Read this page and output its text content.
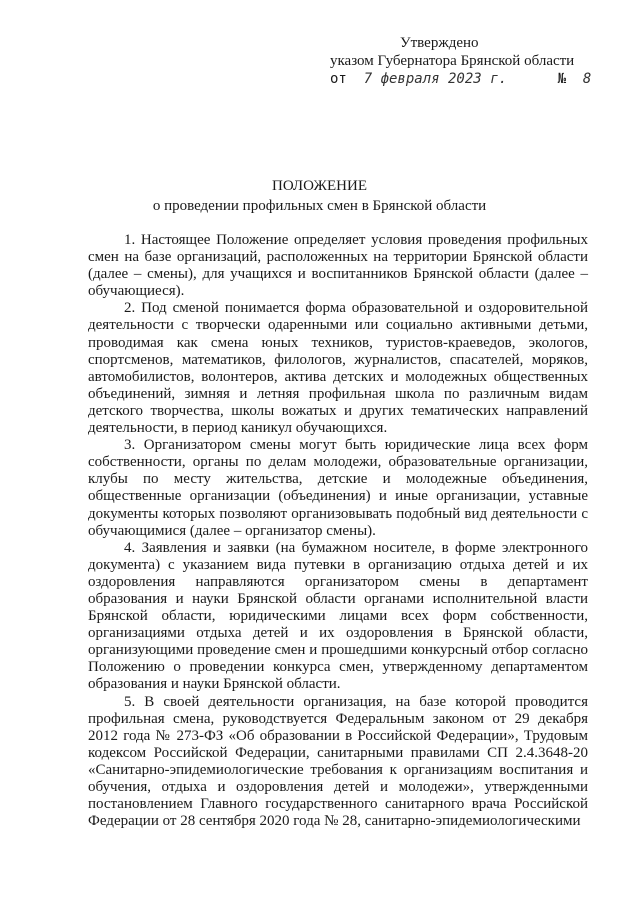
Утверждено
указом Губернатора Брянской области
от 7 февраля 2023 г.	№ 8
ПОЛОЖЕНИЕ
о проведении профильных смен в Брянской области

1. Настоящее Положение определяет условия проведения профильных смен на базе организаций, расположенных на территории Брянской области (далее – смены), для учащихся и воспитанников Брянской области (далее – обучающиеся).

2. Под сменой понимается форма образовательной и оздоровительной деятельности с творчески одаренными или социально активными детьми, проводимая как смена юных техников, туристов-краеведов, экологов, спортсменов, математиков, филологов, журналистов, спасателей, моряков, автомобилистов, волонтеров, актива детских и молодежных общественных объединений, зимняя и летняя профильная школа по различным видам детского творчества, школы вожатых и других тематических направлений деятельности, в период каникул обучающихся.

3. Организатором смены могут быть юридические лица всех форм собственности, органы по делам молодежи, образовательные организации, клубы по месту жительства, детские и молодежные объединения, общественные организации (объединения) и иные организации, уставные документы которых позволяют организовывать подобный вид деятельности с обучающимися (далее – организатор смены).

4. Заявления и заявки (на бумажном носителе, в форме электронного документа) с указанием вида путевки в организацию отдыха детей и их оздоровления направляются организатором смены в департамент образования и науки Брянской области органами исполнительной власти Брянской области, юридическими лицами всех форм собственности, организациями отдыха детей и их оздоровления в Брянской области, организующими проведение смен и прошедшими конкурсный отбор согласно Положению о проведении конкурса смен, утвержденному департаментом образования и науки Брянской области.

5. В своей деятельности организация, на базе которой проводится профильная смена, руководствуется Федеральным законом от 29 декабря 2012 года № 273-ФЗ «Об образовании в Российской Федерации», Трудовым кодексом Российской Федерации, санитарными правилами СП 2.4.3648-20 «Санитарно-эпидемиологические требования к организациям воспитания и обучения, отдыха и оздоровления детей и молодежи», утвержденными постановлением Главного государственного санитарного врача Российской Федерации от 28 сентября 2020 года № 28, санитарно-эпидемиологическими
